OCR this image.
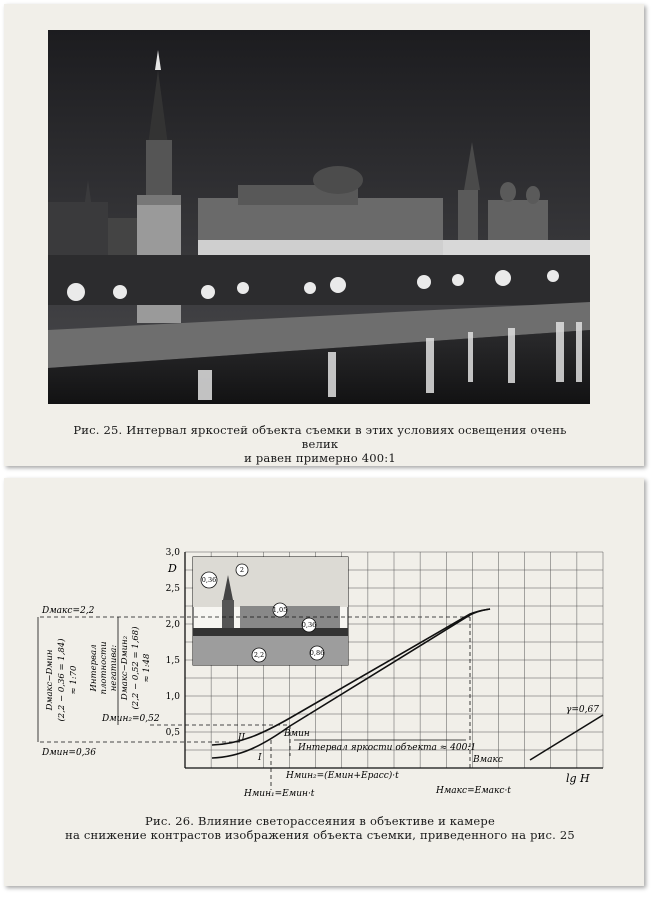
Рис. 25. Интервал яркостей объекта съемки в этих условиях освещения очень велик
и равен примерно 400:1
D
lg H
0,5
1,0
1,5
2,0
2,5
3,0
0,36
2
1,05
0,36
0,86
2,2
Dмакс=2,2
Dмин=0,36
Dмин₂=0,52
I
II	Bмин
Bмакс
Интервал яркости объекта ≈ 400:1
Hмин₂=(Eмин+Eрасс)·t
Hмин₁=Eмин·t	Hмакс=Eмакс·t
γ=0,67
Dмакс−Dмин (2,2 − 0,36 = 1,84) ≈ 1:70 Интервал плотности негатива: Dмакс−Dмин₂ (2,2 − 0,52 = 1,68) ≈ 1:48
Рис. 26. Влияние светорассеяния в объективе и камере
на снижение контрастов изображения объекта съемки, приведенного на рис. 25
